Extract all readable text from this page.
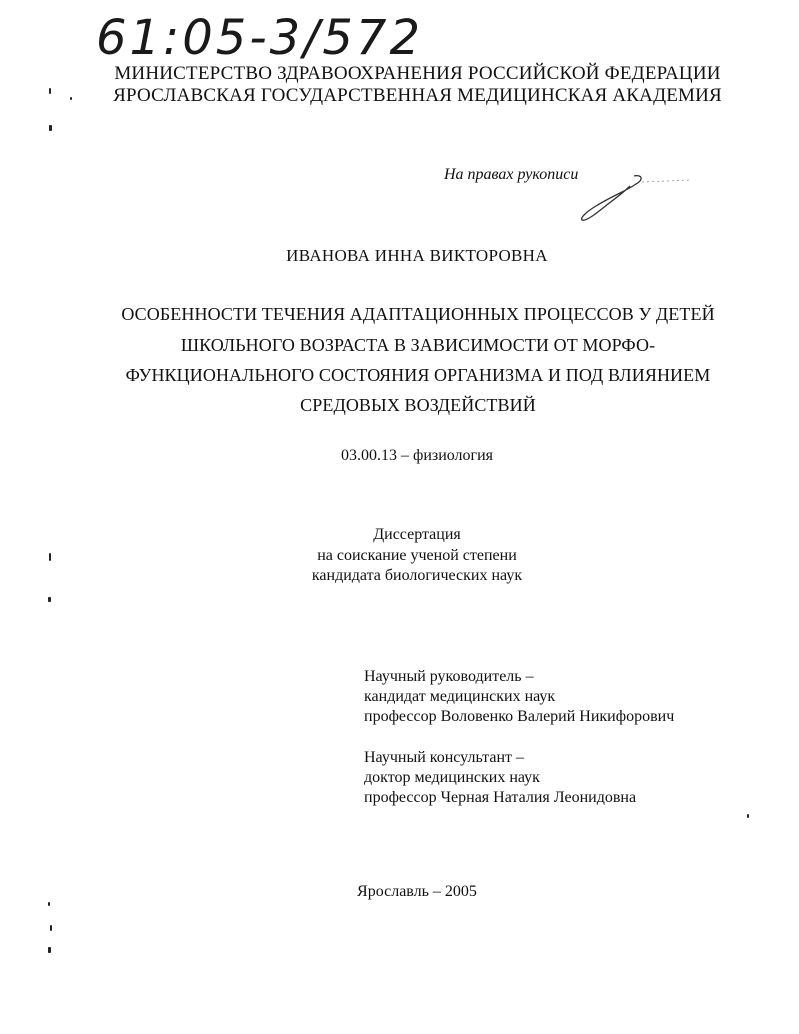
61:05-3/572
МИНИСТЕРСТВО ЗДРАВООХРАНЕНИЯ РОССИЙСКОЙ ФЕДЕРАЦИИ
ЯРОСЛАВСКАЯ ГОСУДАРСТВЕННАЯ МЕДИЦИНСКАЯ АКАДЕМИЯ
На правах рукописи
ИВАНОВА ИННА ВИКТОРОВНА
ОСОБЕННОСТИ ТЕЧЕНИЯ АДАПТАЦИОННЫХ ПРОЦЕССОВ У ДЕТЕЙ
ШКОЛЬНОГО ВОЗРАСТА В ЗАВИСИМОСТИ ОТ МОРФО-
ФУНКЦИОНАЛЬНОГО СОСТОЯНИЯ ОРГАНИЗМА И ПОД ВЛИЯНИЕМ
СРЕДОВЫХ ВОЗДЕЙСТВИЙ
03.00.13 – физиология
Диссертация
на соискание ученой степени
кандидата биологических наук
Научный руководитель –
кандидат медицинских наук
профессор Воловенко Валерий Никифорович
Научный консультант –
доктор медицинских наук
профессор Черная Наталия Леонидовна
Ярославль – 2005
